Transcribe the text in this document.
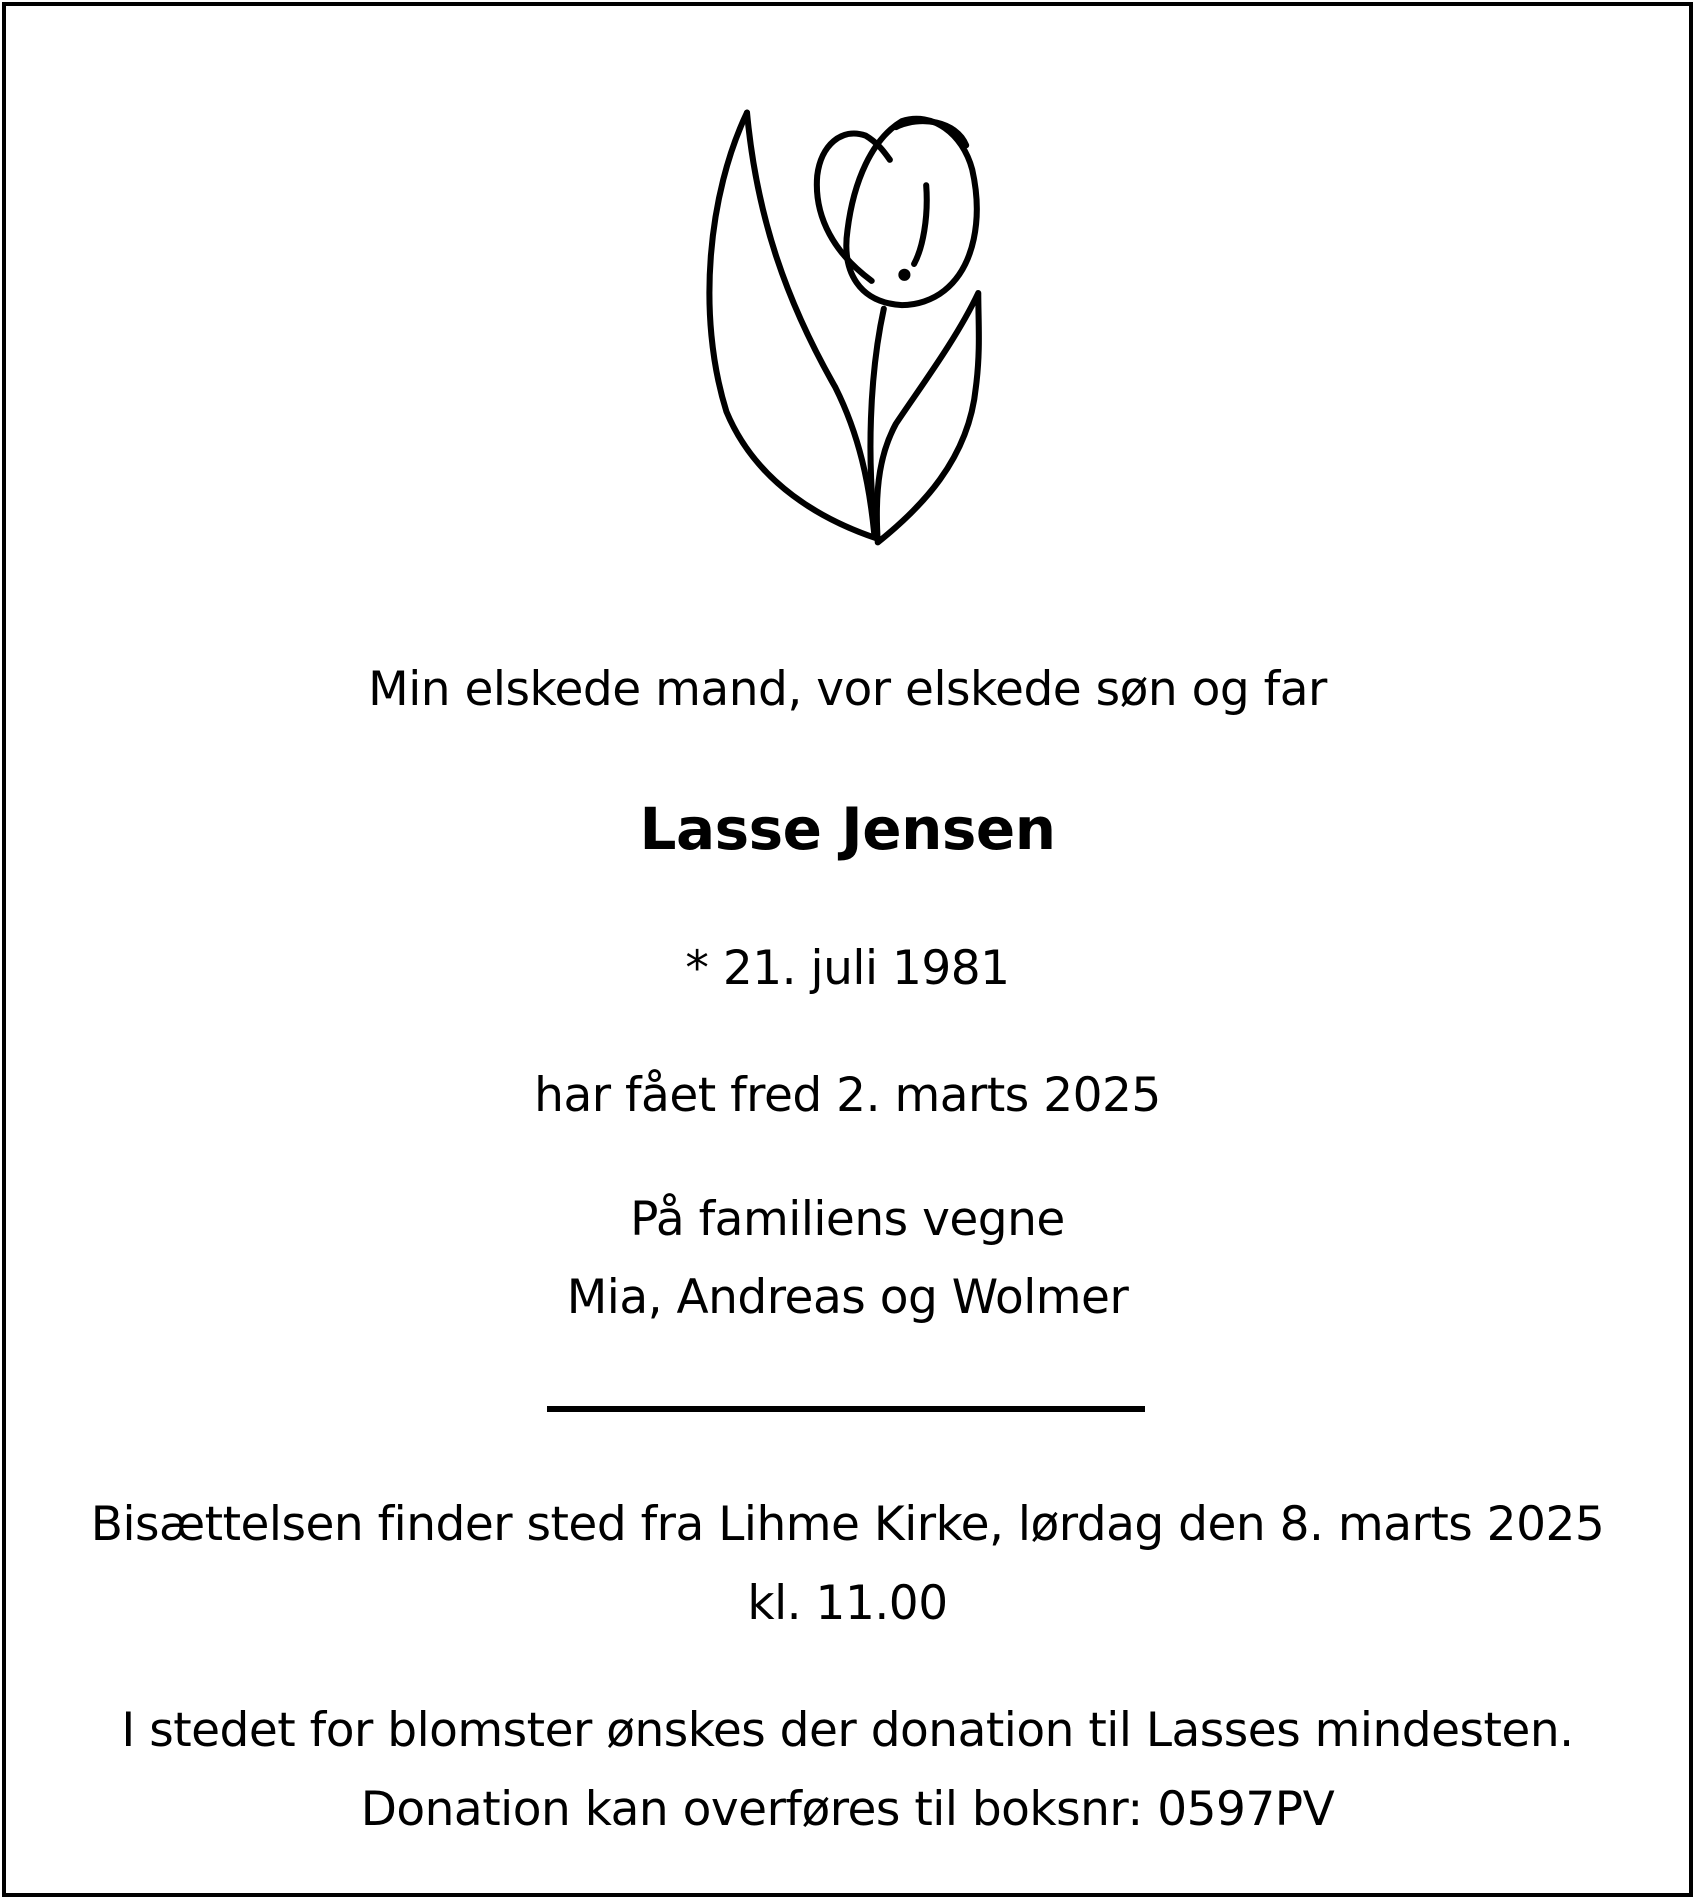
Min elskede mand, vor elskede søn og far
Lasse Jensen
* 21. juli 1981
har fået fred 2. marts 2025
På familiens vegne
Mia, Andreas og Wolmer
Bisættelsen finder sted fra Lihme Kirke, lørdag den 8. marts 2025
kl. 11.00
I stedet for blomster ønskes der donation til Lasses mindesten.
Donation kan overføres til boksnr: 0597PV
